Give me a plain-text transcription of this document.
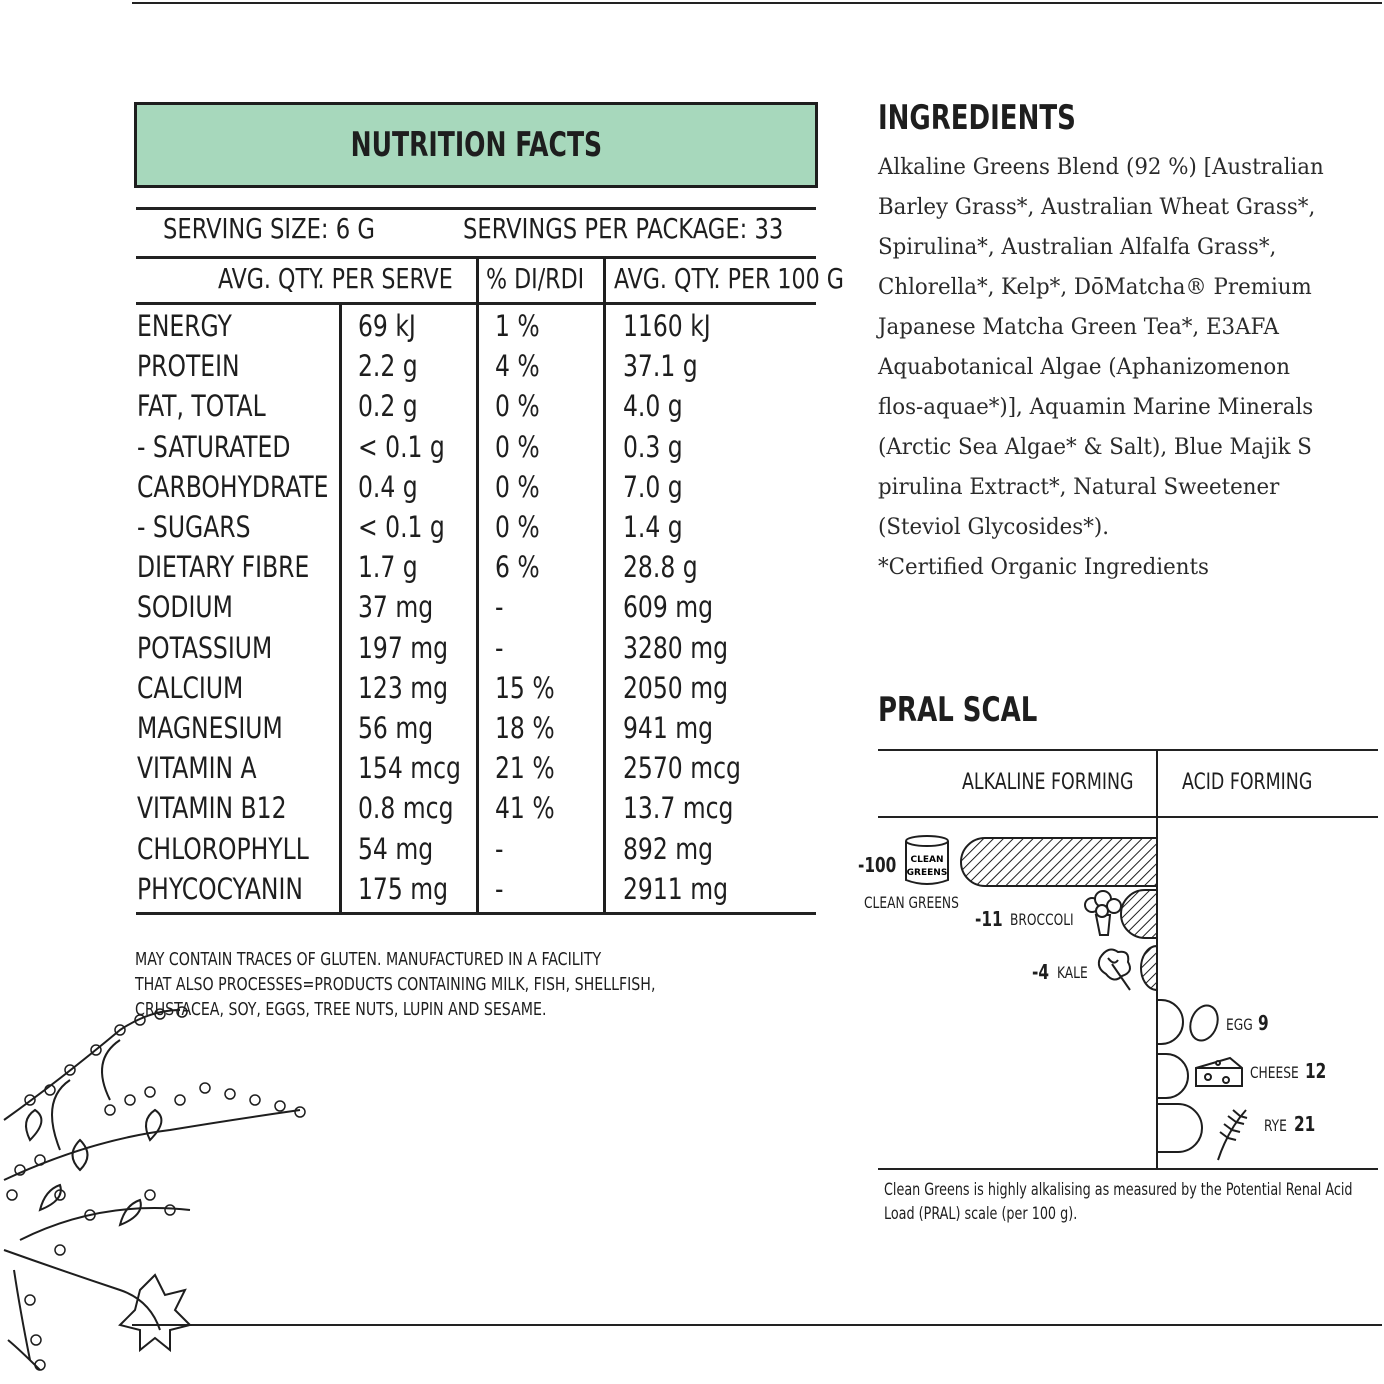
NUTRITION FACTS
SERVING SIZE: 6 G	SERVINGS PER PACKAGE: 33
AVG. QTY. PER SERVE % DI/RDI AVG. QTY. PER 100 G
ENERGY	69 kJ	1 %	1160 kJ
PROTEIN	2.2 g	4 %	37.1 g
FAT, TOTAL	0.2 g	0 %	4.0 g
- SATURATED < 0.1 g 0 %	0.3 g
CARBOHYDRATE 0.4 g	0 %	7.0 g
- SUGARS	< 0.1 g 0 %	1.4 g
DIETARY FIBRE 1.7 g	6 %	28.8 g
SODIUM	37 mg -	609 mg
POTASSIUM	197 mg -	3280 mg
CALCIUM	123 mg 15 % 2050 mg
MAGNESIUM	56 mg 18 % 941 mg
VITAMIN A	154 mcg 21 % 2570 mcg
VITAMIN B12 0.8 mcg 41 % 13.7 mcg
CHLOROPHYLL 54 mg -	892 mg
PHYCOCYANIN 175 mg -	2911 mg
MAY CONTAIN TRACES OF GLUTEN. MANUFACTURED IN A FACILITY
THAT ALSO PROCESSES=PRODUCTS CONTAINING MILK, FISH, SHELLFISH,
CRUSTACEA, SOY, EGGS, TREE NUTS, LUPIN AND SESAME.
INGREDIENTS
Alkaline Greens Blend (92 %) [Australian
Barley Grass*, Australian Wheat Grass*,
Spirulina*, Australian Alfalfa Grass*,
Chlorella*, Kelp*, DōMatcha® Premium
Japanese Matcha Green Tea*, E3AFA
Aquabotanical Algae (Aphanizomenon
flos-aquae*)], Aquamin Marine Minerals
(Arctic Sea Algae* & Salt), Blue Majik S
pirulina Extract*, Natural Sweetener
(Steviol Glycosides*).
*Certified Organic Ingredients
PRAL SCAL
ALKALINE FORMING ACID FORMING
CLEAN
GREENS
-100
CLEAN GREENS
-11 BROCCOLI
-4 KALE
9
EGG
12
CHEESE
21
RYE
Clean Greens is highly alkalising as measured by the Potential Renal Acid
Load (PRAL) scale (per 100 g).
